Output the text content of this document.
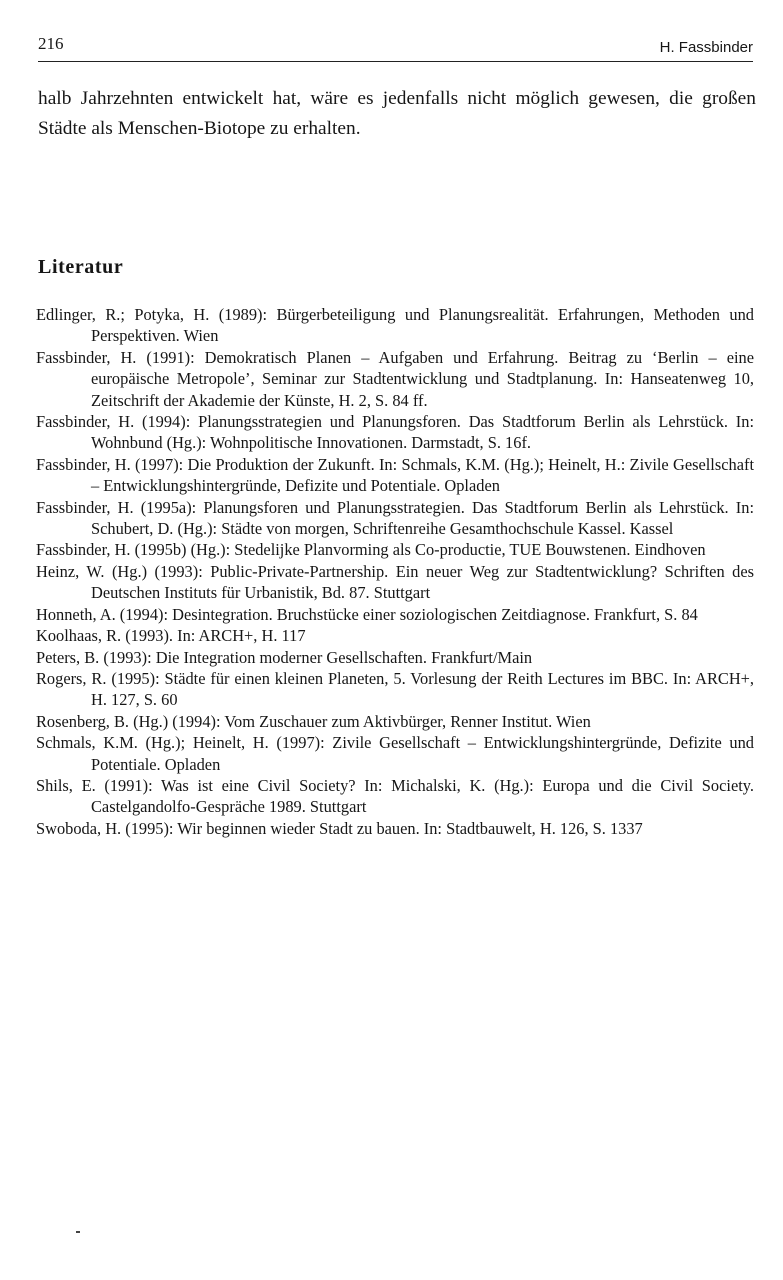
216	H. Fassbinder

halb Jahrzehnten entwickelt hat, wäre es jedenfalls nicht möglich gewesen, die großen Städte als Menschen-Biotope zu erhalten.

Literatur
Edlinger, R.; Potyka, H. (1989): Bürgerbeteiligung und Planungsrealität. Erfahrungen, Methoden und Perspektiven. Wien
Fassbinder, H. (1991): Demokratisch Planen – Aufgaben und Erfahrung. Beitrag zu ‘Berlin – eine europäische Metropole’, Seminar zur Stadtentwicklung und Stadtplanung. In: Hanseatenweg 10, Zeitschrift der Akademie der Künste, H. 2, S. 84 ff.
Fassbinder, H. (1994): Planungsstrategien und Planungsforen. Das Stadtforum Berlin als Lehrstück. In: Wohnbund (Hg.): Wohnpolitische Innovationen. Darmstadt, S. 16f.
Fassbinder, H. (1997): Die Produktion der Zukunft. In: Schmals, K.M. (Hg.); Heinelt, H.: Zivile Gesellschaft – Entwicklungshintergründe, Defizite und Potentiale. Opladen
Fassbinder, H. (1995a): Planungsforen und Planungsstrategien. Das Stadtforum Berlin als Lehrstück. In: Schubert, D. (Hg.): Städte von morgen, Schriftenreihe Gesamthochschule Kassel. Kassel
Fassbinder, H. (1995b) (Hg.): Stedelijke Planvorming als Co-productie, TUE Bouwstenen. Eindhoven
Heinz, W. (Hg.) (1993): Public-Private-Partnership. Ein neuer Weg zur Stadtentwicklung? Schriften des Deutschen Instituts für Urbanistik, Bd. 87. Stuttgart
Honneth, A. (1994): Desintegration. Bruchstücke einer soziologischen Zeitdiagnose. Frankfurt, S. 84
Koolhaas, R. (1993). In: ARCH+, H. 117
Peters, B. (1993): Die Integration moderner Gesellschaften. Frankfurt/Main
Rogers, R. (1995): Städte für einen kleinen Planeten, 5. Vorlesung der Reith Lectures im BBC. In: ARCH+, H. 127, S. 60
Rosenberg, B. (Hg.) (1994): Vom Zuschauer zum Aktivbürger, Renner Institut. Wien
Schmals, K.M. (Hg.); Heinelt, H. (1997): Zivile Gesellschaft – Entwicklungshintergründe, Defizite und Potentiale. Opladen
Shils, E. (1991): Was ist eine Civil Society? In: Michalski, K. (Hg.): Europa und die Civil Society. Castelgandolfo-Gespräche 1989. Stuttgart
Swoboda, H. (1995): Wir beginnen wieder Stadt zu bauen. In: Stadtbauwelt, H. 126, S. 1337
